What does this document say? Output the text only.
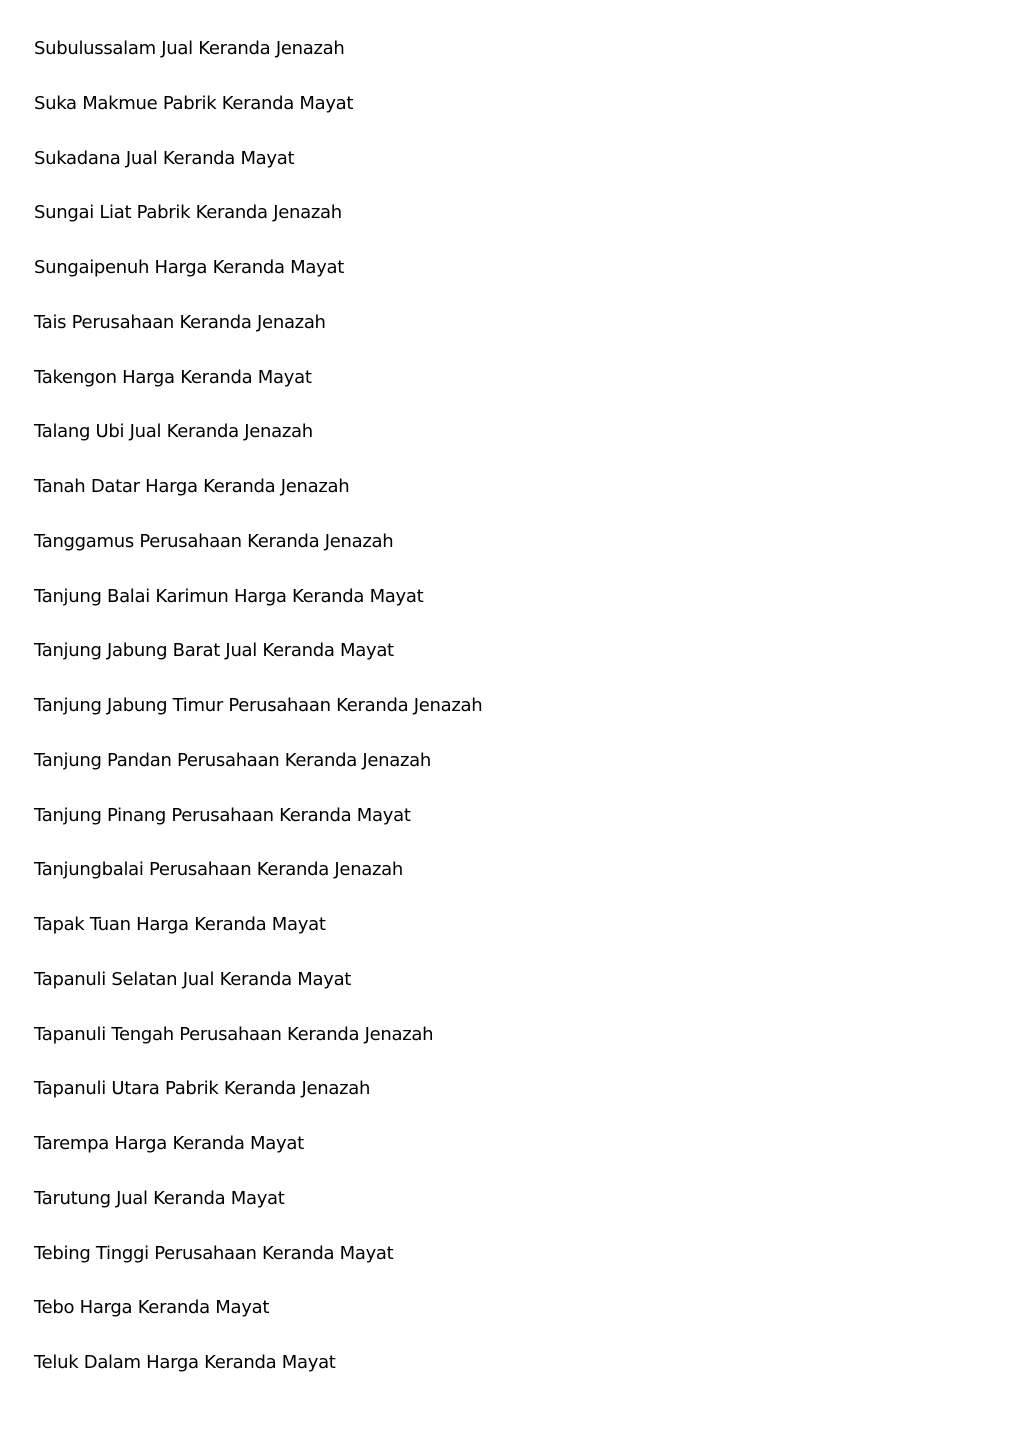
Subulussalam Jual Keranda Jenazah
Suka Makmue Pabrik Keranda Mayat
Sukadana Jual Keranda Mayat
Sungai Liat Pabrik Keranda Jenazah
Sungaipenuh Harga Keranda Mayat
Tais Perusahaan Keranda Jenazah
Takengon Harga Keranda Mayat
Talang Ubi Jual Keranda Jenazah
Tanah Datar Harga Keranda Jenazah
Tanggamus Perusahaan Keranda Jenazah
Tanjung Balai Karimun Harga Keranda Mayat
Tanjung Jabung Barat Jual Keranda Mayat
Tanjung Jabung Timur Perusahaan Keranda Jenazah
Tanjung Pandan Perusahaan Keranda Jenazah
Tanjung Pinang Perusahaan Keranda Mayat
Tanjungbalai Perusahaan Keranda Jenazah
Tapak Tuan Harga Keranda Mayat
Tapanuli Selatan Jual Keranda Mayat
Tapanuli Tengah Perusahaan Keranda Jenazah
Tapanuli Utara Pabrik Keranda Jenazah
Tarempa Harga Keranda Mayat
Tarutung Jual Keranda Mayat
Tebing Tinggi Perusahaan Keranda Mayat
Tebo Harga Keranda Mayat
Teluk Dalam Harga Keranda Mayat
